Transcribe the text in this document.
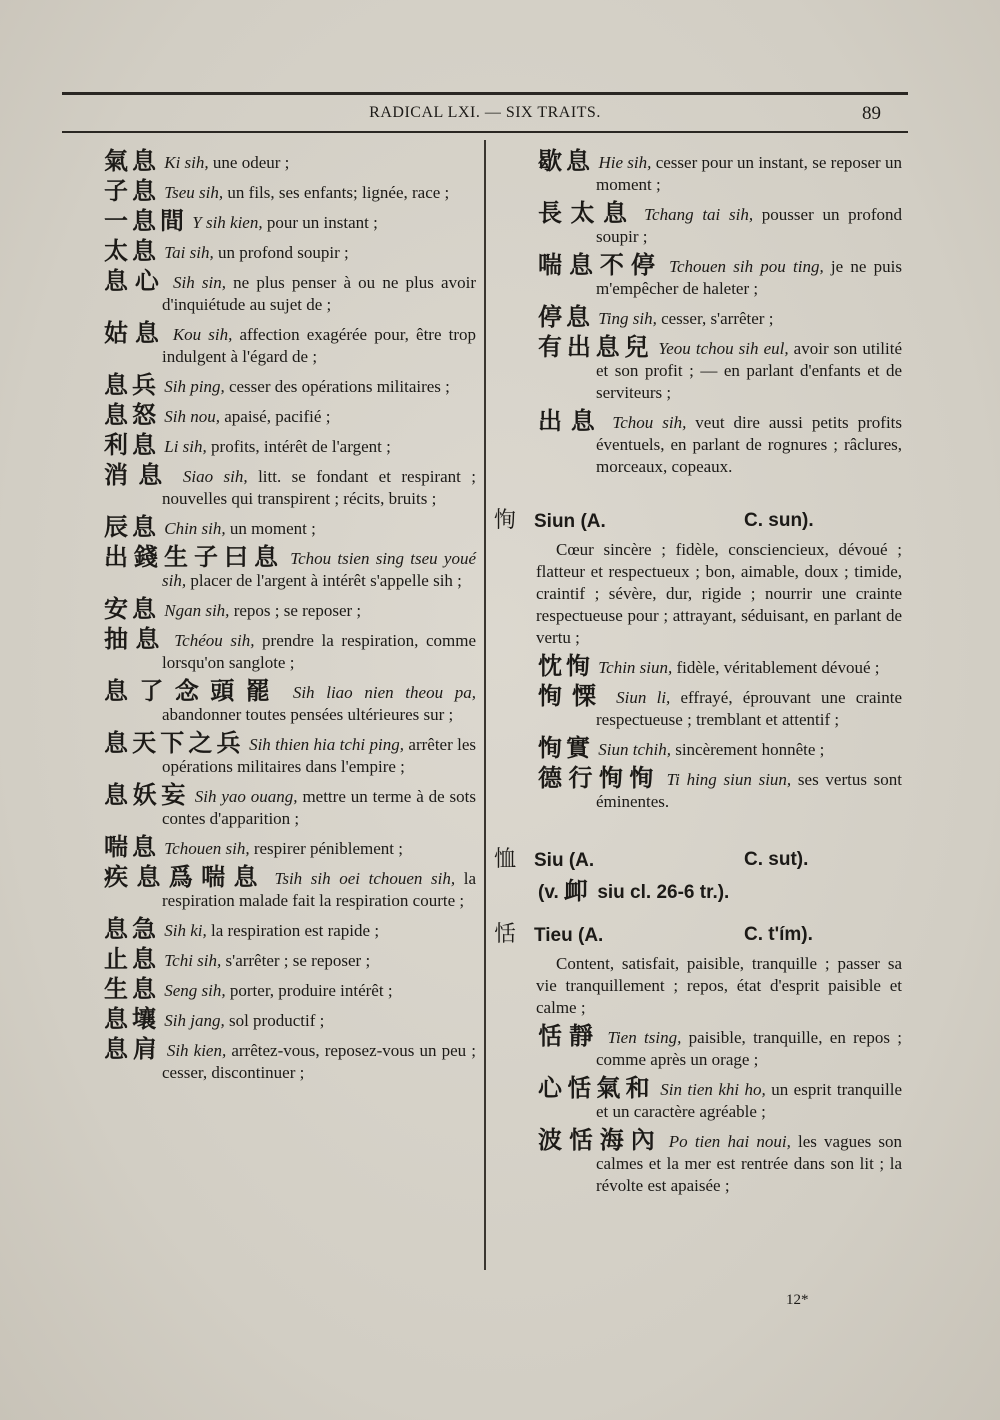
RADICAL LXI. — SIX TRAITS.	89
氣息 Ki sih, une odeur ;
子息 Tseu sih, un fils, ses enfants; lignée, race ;
一息間 Y sih kien, pour un instant ;
太息 Tai sih, un profond soupir ;
息心 Sih sin, ne plus penser à ou ne plus avoir d'inquiétude au sujet de ;
姑息 Kou sih, affection exagérée pour, être trop indulgent à l'égard de ;
息兵 Sih ping, cesser des opérations militaires ;
息怒 Sih nou, apaisé, pacifié ;
利息 Li sih, profits, intérêt de l'argent ;
消息 Siao sih, litt. se fondant et respirant ; nouvelles qui transpirent ; récits, bruits ;
辰息 Chin sih, un moment ;
出錢生子曰息 Tchou tsien sing tseu youé sih, placer de l'argent à intérêt s'appelle sih ;
安息 Ngan sih, repos ; se reposer ;
抽息 Tchéou sih, prendre la respiration, comme lorsqu'on sanglote ;
息了念頭罷 Sih liao nien theou pa, abandonner toutes pensées ultérieures sur ;
息天下之兵 Sih thien hia tchi ping, arrêter les opérations militaires dans l'empire ;
息妖妄 Sih yao ouang, mettre un terme à de sots contes d'apparition ;
喘息 Tchouen sih, respirer péniblement ;
疾息爲喘息 Tsih sih oei tchouen sih, la respiration malade fait la respiration courte ;
息急 Sih ki, la respiration est rapide ;
止息 Tchi sih, s'arrêter ; se reposer ;
生息 Seng sih, porter, produire intérêt ;
息壤 Sih jang, sol productif ;
息肩 Sih kien, arrêtez-vous, reposez-vous un peu ; cesser, discontinuer ;
歇息 Hie sih, cesser pour un instant, se reposer un moment ;
長太息 Tchang tai sih, pousser un profond soupir ;
喘息不停 Tchouen sih pou ting, je ne puis m'empêcher de haleter ;
停息 Ting sih, cesser, s'arrêter ;
有出息兒 Yeou tchou sih eul, avoir son utilité et son profit ; — en parlant d'enfants et de serviteurs ;
出息 Tchou sih, veut dire aussi petits profits éventuels, en parlant de rognures ; râclures, morceaux, copeaux.
恂 Siun (A.	C. sun).
Cœur sincère ; fidèle, consciencieux, dévoué ; flatteur et respectueux ; bon, aimable, doux ; timide, craintif ; sévère, dur, rigide ; nourrir une crainte respectueuse pour ; attrayant, séduisant, en parlant de vertu ;
忱恂 Tchin siun, fidèle, véritablement dévoué ;
恂慄 Siun li, effrayé, éprouvant une crainte respectueuse ; tremblant et attentif ;
恂實 Siun tchih, sincèrement honnête ;
德行恂恂 Ti hing siun siun, ses vertus sont éminentes.
恤 Siu (A.	C. sut).
(v. 卹 siu cl. 26-6 tr.).
恬 Tieu (A.	C. t'ím).
Content, satisfait, paisible, tranquille ; passer sa vie tranquillement ; repos, état d'esprit paisible et calme ;
恬靜 Tien tsing, paisible, tranquille, en repos ; comme après un orage ;
心恬氣和 Sin tien khi ho, un esprit tranquille et un caractère agréable ;
波恬海內 Po tien hai noui, les vagues son calmes et la mer est rentrée dans son lit ; la révolte est apaisée ;
12*
